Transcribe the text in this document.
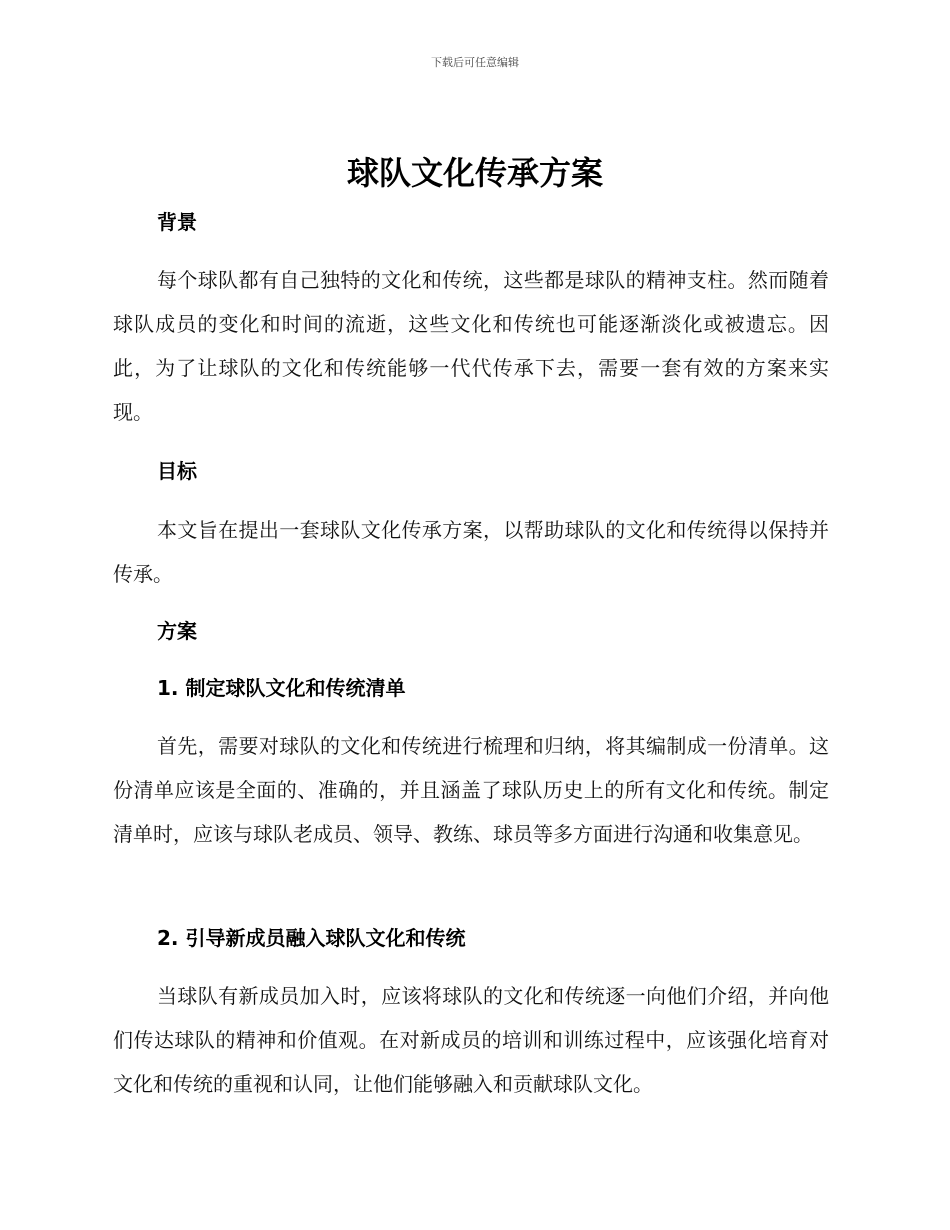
下载后可任意编辑
球队文化传承方案
背景
每个球队都有自己独特的文化和传统，这些都是球队的精神支柱。然而随着球队成员的变化和时间的流逝，这些文化和传统也可能逐渐淡化或被遗忘。因此，为了让球队的文化和传统能够一代代传承下去，需要一套有效的方案来实现。
目标
本文旨在提出一套球队文化传承方案，以帮助球队的文化和传统得以保持并传承。
方案
1. 制定球队文化和传统清单
首先，需要对球队的文化和传统进行梳理和归纳，将其编制成一份清单。这份清单应该是全面的、准确的，并且涵盖了球队历史上的所有文化和传统。制定清单时，应该与球队老成员、领导、教练、球员等多方面进行沟通和收集意见。
2. 引导新成员融入球队文化和传统
当球队有新成员加入时，应该将球队的文化和传统逐一向他们介绍，并向他们传达球队的精神和价值观。在对新成员的培训和训练过程中，应该强化培育对文化和传统的重视和认同，让他们能够融入和贡献球队文化。
